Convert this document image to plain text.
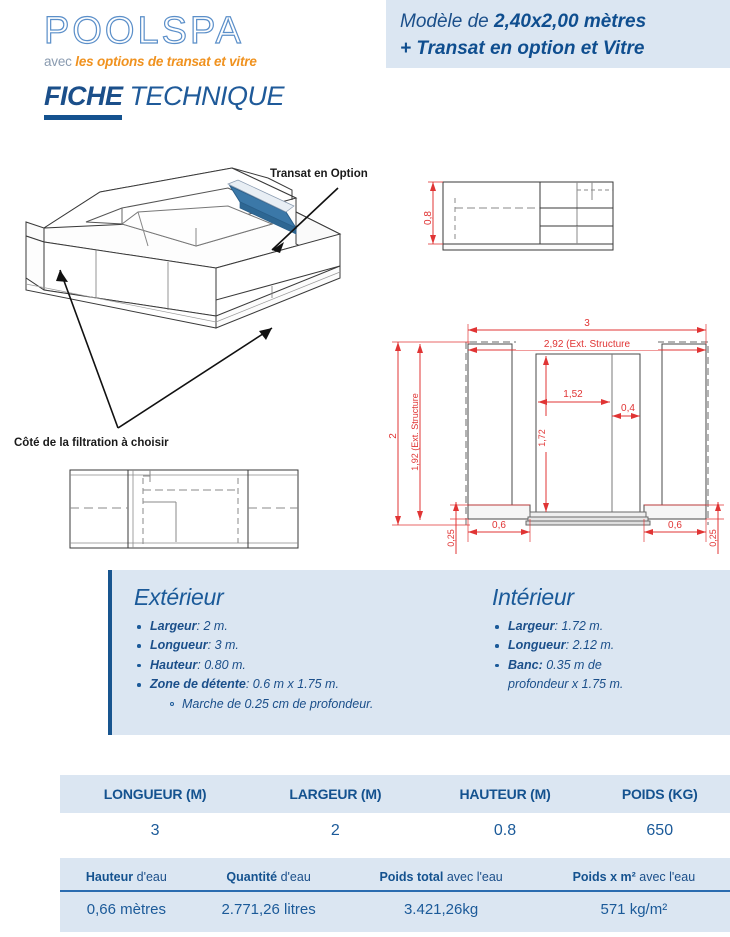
POOLSPA
avec les options de transat et vitre
FICHE TECHNIQUE
Modèle de 2,40x2,00 mètres
+ Transat en option et Vitre
Transat en Option
Côté de la filtration à choisir
0,8
3
2,92 (Ext. Structure
2 1,92 (Ext. Structure	1,52
1,72
0,4
0,6	0,6
0,25	0,25
Extérieur
Largeur: 2 m.
Longueur: 3 m.
Hauteur: 0.80 m.
Zone de détente: 0.6 m x 1.75 m.
Marche de 0.25 cm de profondeur.
Intérieur
Largeur: 1.72 m.
Longueur: 2.12 m.
Banc: 0.35 m de
profondeur x 1.75 m.
LONGUEUR (M)	LARGEUR (M)	HAUTEUR (M)	POIDS (KG)
3	2	0.8	650
Hauteur d'eau	Quantité d'eau	Poids total avec l'eau	Poids x m² avec l'eau
0,66 mètres	2.771,26 litres	3.421,26kg	571 kg/m²
